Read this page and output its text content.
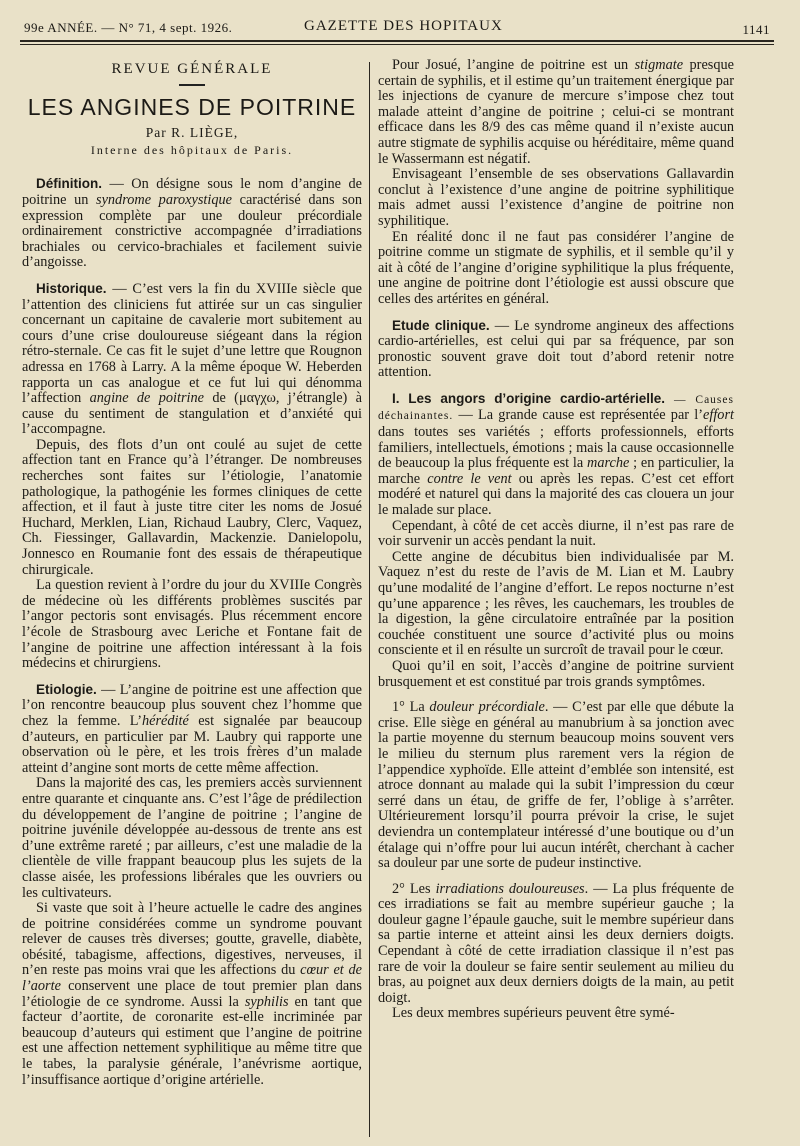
99e ANNÉE. — N° 71, 4 sept. 1926.	GAZETTE DES HOPITAUX	1141
REVUE GÉNÉRALE
LES ANGINES DE POITRINE

Par R. LIÈGE,

Interne des hôpitaux de Paris.

Définition. — On désigne sous le nom d’angine de poitrine un syndrome paroxystique caractérisé dans son expression complète par une douleur précordiale ordinairement constrictive accompagnée d’irradiations brachiales ou cervico-brachiales et facilement suivie d’angoisse.

Historique. — C’est vers la fin du XVIIIe siècle que l’attention des cliniciens fut attirée sur un cas singulier concernant un capitaine de cavalerie mort subitement au cours d’une crise douloureuse siégeant dans la région rétro-sternale. Ce cas fit le sujet d’une lettre que Rougnon adressa en 1768 à Larry. A la même époque W. Heberden rapporta un cas analogue et ce fut lui qui dénomma l’affection angine de poitrine de (μαγχω, j’étrangle) à cause du sentiment de stangulation et d’anxiété qui l’accompagne.

Depuis, des flots d’un ont coulé au sujet de cette affection tant en France qu’à l’étranger. De nombreuses recherches sont faites sur l’étiologie, l’anatomie pathologique, la pathogénie les formes cliniques de cette affection, et il faut à juste titre citer les noms de Josué Huchard, Merklen, Lian, Richaud Laubry, Clerc, Vaquez, Ch. Fiessinger, Gallavardin, Mackenzie. Danielopolu, Jonnesco en Roumanie font des essais de thérapeutique chirurgicale.

La question revient à l’ordre du jour du XVIIIe Congrès de médecine où les différents problèmes suscités par l’angor pectoris sont envisagés. Plus récemment encore l’école de Strasbourg avec Leriche et Fontane fait de l’angine de poitrine une affection intéressant à la fois médecins et chirurgiens.

Etiologie. — L’angine de poitrine est une affection que l’on rencontre beaucoup plus souvent chez l’homme que chez la femme. L’hérédité est signalée par beaucoup d’auteurs, en particulier par M. Laubry qui rapporte une observation où le père, et les trois frères d’un malade atteint d’angine sont morts de cette même affection.

Dans la majorité des cas, les premiers accès surviennent entre quarante et cinquante ans. C’est l’âge de prédilection du développement de l’angine de poitrine ; l’angine de poitrine juvénile développée au-dessous de trente ans est d’une extrême rareté ; par ailleurs, c’est une maladie de la clientèle de ville frappant beaucoup plus les sujets de la classe aisée, les professions libérales que les ouvriers ou les cultivateurs.

Si vaste que soit à l’heure actuelle le cadre des angines de poitrine considérées comme un syndrome pouvant relever de causes très diverses; goutte, gravelle, diabète, obésité, tabagisme, affections, digestives, nerveuses, il n’en reste pas moins vrai que les affections du cœur et de l’aorte conservent une place de tout premier plan dans l’étiologie de ce syndrome. Aussi la syphilis en tant que facteur d’aortite, de coronarite est-elle incriminée par beaucoup d’auteurs qui estiment que l’angine de poitrine est une affection nettement syphilitique au même titre que le tabes, la paralysie générale, l’anévrisme aortique, l’insuffisance aortique d’origine artérielle.

Pour Josué, l’angine de poitrine est un stigmate presque certain de syphilis, et il estime qu’un traitement énergique par les injections de cyanure de mercure s’impose chez tout malade atteint d’angine de poitrine ; celui-ci se montrant efficace dans les 8/9 des cas même quand il n’existe aucun autre stigmate de syphilis acquise ou héréditaire, même quand le Wassermann est négatif.

Envisageant l’ensemble de ses observations Gallavardin conclut à l’existence d’une angine de poitrine syphilitique mais admet aussi l’existence d’angine de poitrine non syphilitique.

En réalité donc il ne faut pas considérer l’angine de poitrine comme un stigmate de syphilis, et il semble qu’il y ait à côté de l’angine d’origine syphilitique la plus fréquente, une angine de poitrine dont l’étiologie est aussi obscure que celles des artérites en général.

Etude clinique. — Le syndrome angineux des affections cardio-artérielles, est celui qui par sa fréquence, par son pronostic souvent grave doit tout d’abord retenir notre attention.

I. Les angors d’origine cardio-artérielle. — Causes déchainantes. — La grande cause est représentée par l’effort dans toutes ses variétés ; efforts professionnels, efforts familiers, intellectuels, émotions ; mais la cause occasionnelle de beaucoup la plus fréquente est la marche ; en particulier, la marche contre le vent ou après les repas. C’est cet effort modéré et naturel qui dans la majorité des cas clouera un jour le malade sur place.

Cependant, à côté de cet accès diurne, il n’est pas rare de voir survenir un accès pendant la nuit.

Cette angine de décubitus bien individualisée par M. Vaquez n’est du reste de l’avis de M. Lian et M. Laubry qu’une modalité de l’angine d’effort. Le repos nocturne n’est qu’une apparence ; les rêves, les cauchemars, les troubles de la digestion, la gêne circulatoire entraînée par la position couchée constituent une source d’activité plus ou moins consciente et il en résulte un surcroît de travail pour le cœur.

Quoi qu’il en soit, l’accès d’angine de poitrine survient brusquement et est constitué par trois grands symptômes.

1° La douleur précordiale. — C’est par elle que débute la crise. Elle siège en général au manubrium à sa jonction avec la partie moyenne du sternum beaucoup moins souvent vers le milieu du sternum plus rarement vers la région de l’appendice xyphoïde. Elle atteint d’emblée son intensité, est atroce donnant au malade qui la subit l’impression du cœur serré dans un étau, de griffe de fer, l’oblige à s’arrêter. Ultérieurement lorsqu’il pourra prévoir la crise, le sujet deviendra un contemplateur intéressé d’une boutique ou d’un étalage qui n’offre pour lui aucun intérêt, cherchant à cacher sa douleur par une sorte de pudeur instinctive.

2° Les irradiations douloureuses. — La plus fréquente de ces irradiations se fait au membre supérieur gauche ; la douleur gagne l’épaule gauche, suit le membre supérieur dans sa partie interne et atteint ainsi les deux derniers doigts. Cependant à côté de cette irradiation classique il n’est pas rare de voir la douleur se faire sentir seulement au milieu du bras, au poignet aux deux derniers doigts de la main, au petit doigt.

Les deux membres supérieurs peuvent être symé-
